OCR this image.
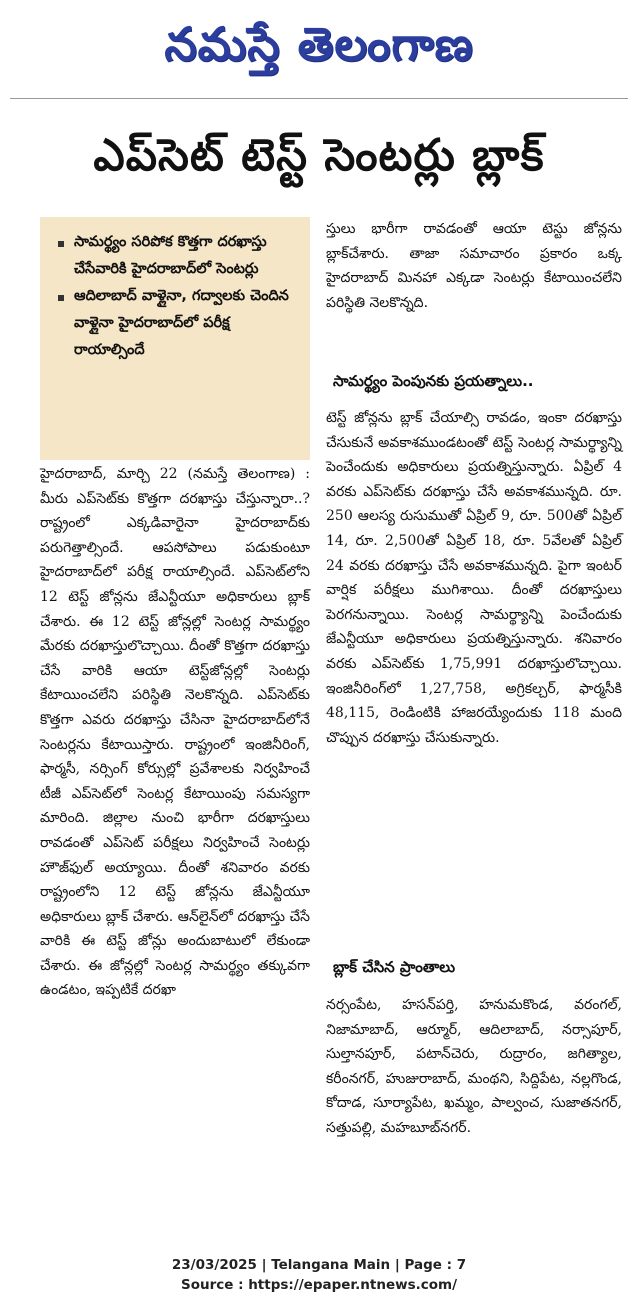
నమస్తే తెలంగాణ
ఎప్‌సెట్ టెస్ట్ సెంటర్లు బ్లాక్
సామర్థ్యం సరిపోక కొత్తగా దరఖాస్తు చేసేవారికి హైదరాబాద్‌లో సెంటర్లు
ఆదిలాబాద్ వాళ్లైనా, గద్వాలకు చెందిన వాళ్లైనా హైదరాబాద్‌లో పరీక్ష రాయాల్సిందే

హైదరాబాద్, మార్చి 22 (నమస్తే తెలంగాణ) : మీరు ఎప్‌సెట్‌కు కొత్తగా దరఖాస్తు చేస్తున్నారా..? రాష్ట్రంలో ఎక్కడివారైనా హైదరాబాద్‌కు పరుగెత్తాల్సిందే. ఆపసోపాలు పడుకుంటూ హైదరాబాద్‌లో పరీక్ష రాయాల్సిందే. ఎప్‌సెట్‌లోని 12 టెస్ట్ జోన్లను జేఎన్టీయూ అధికారులు బ్లాక్ చేశారు. ఈ 12 టెస్ట్ జోన్లల్లో సెంటర్ల సామర్థ్యం మేరకు దరఖాస్తులొచ్చాయి. దీంతో కొత్తగా దరఖాస్తు చేసే వారికి ఆయా టెస్ట్‌జోన్లల్లో సెంటర్లు కేటాయించలేని పరిస్థితి నెలకొన్నది. ఎప్‌సెట్‌కు కొత్తగా ఎవరు దరఖాస్తు చేసినా హైదరాబాద్‌లోనే సెంటర్లను కేటాయిస్తారు. రాష్ట్రంలో ఇంజినీరింగ్, ఫార్మసీ, నర్సింగ్ కోర్సుల్లో ప్రవేశాలకు నిర్వహించే టీజీ ఎప్‌సెట్‌లో సెంటర్ల కేటాయింపు సమస్యగా మారింది. జిల్లాల నుంచి భారీగా దరఖాస్తులు రావడంతో ఎప్‌సెట్ పరీక్షలు నిర్వహించే సెంటర్లు హౌజ్‌ఫుల్ అయ్యాయి. దీంతో శనివారం వరకు రాష్ట్రంలోని 12 టెస్ట్ జోన్లను జేఎన్టీయూ అధికారులు బ్లాక్ చేశారు. ఆన్‌లైన్‌లో దరఖాస్తు చేసే వారికి ఈ టెస్ట్ జోన్లు అందుబాటులో లేకుండా చేశారు. ఈ జోన్లల్లో సెంటర్ల సామర్థ్యం తక్కువగా ఉండటం, ఇప్పటికే దరఖా

స్తులు భారీగా రావడంతో ఆయా టెస్టు జోన్లను బ్లాక్‌చేశారు. తాజా సమాచారం ప్రకారం ఒక్క హైదరాబాద్ మినహా ఎక్కడా సెంటర్లు కేటాయించలేని పరిస్థితి నెలకొన్నది.

సామర్థ్యం పెంపునకు ప్రయత్నాలు..

టెస్ట్ జోన్లను బ్లాక్ చేయాల్సి రావడం, ఇంకా దరఖాస్తు చేసుకునే అవకాశముండటంతో టెస్ట్ సెంటర్ల సామర్థ్యాన్ని పెంచేందుకు అధికారులు ప్రయత్నిస్తున్నారు. ఏప్రిల్ 4 వరకు ఎప్‌సెట్‌కు దరఖాస్తు చేసే అవకాశమున్నది. రూ. 250 ఆలస్య రుసుముతో ఏప్రిల్ 9, రూ. 500తో ఏప్రిల్ 14, రూ. 2,500తో ఏప్రిల్ 18, రూ. 5వేలతో ఏప్రిల్ 24 వరకు దరఖాస్తు చేసే అవకాశమున్నది. పైగా ఇంటర్ వార్షిక పరీక్షలు ముగిశాయి. దీంతో దరఖాస్తులు పెరగనున్నాయి. సెంటర్ల సామర్థ్యాన్ని పెంచేందుకు జేఎన్టీయూ అధికారులు ప్రయత్నిస్తున్నారు. శనివారం వరకు ఎప్‌సెట్‌కు 1,75,991 దరఖాస్తులొచ్చాయి. ఇంజినీరింగ్‌లో 1,27,758, అగ్రికల్చర్, ఫార్మసీకి 48,115, రెండింటికి హాజరయ్యేందుకు 118 మంది చొప్పున దరఖాస్తు చేసుకున్నారు.

బ్లాక్ చేసిన ప్రాంతాలు

నర్సంపేట, హసన్‌పర్తి, హనుమకొండ, వరంగల్, నిజామాబాద్, ఆర్మూర్, ఆదిలాబాద్, నర్సాపూర్, సుల్తానపూర్, పటాన్‌చెరు, రుద్రారం, జగిత్యాల, కరీంనగర్, హుజురాబాద్, మంథని, సిద్దిపేట, నల్లగొండ, కోదాడ, సూర్యాపేట, ఖమ్మం, పాల్వంచ, సుజాతనగర్, సత్తుపల్లి, మహబూబ్‌నగర్.

23/03/2025 | Telangana Main | Page : 7
Source : https://epaper.ntnews.com/
